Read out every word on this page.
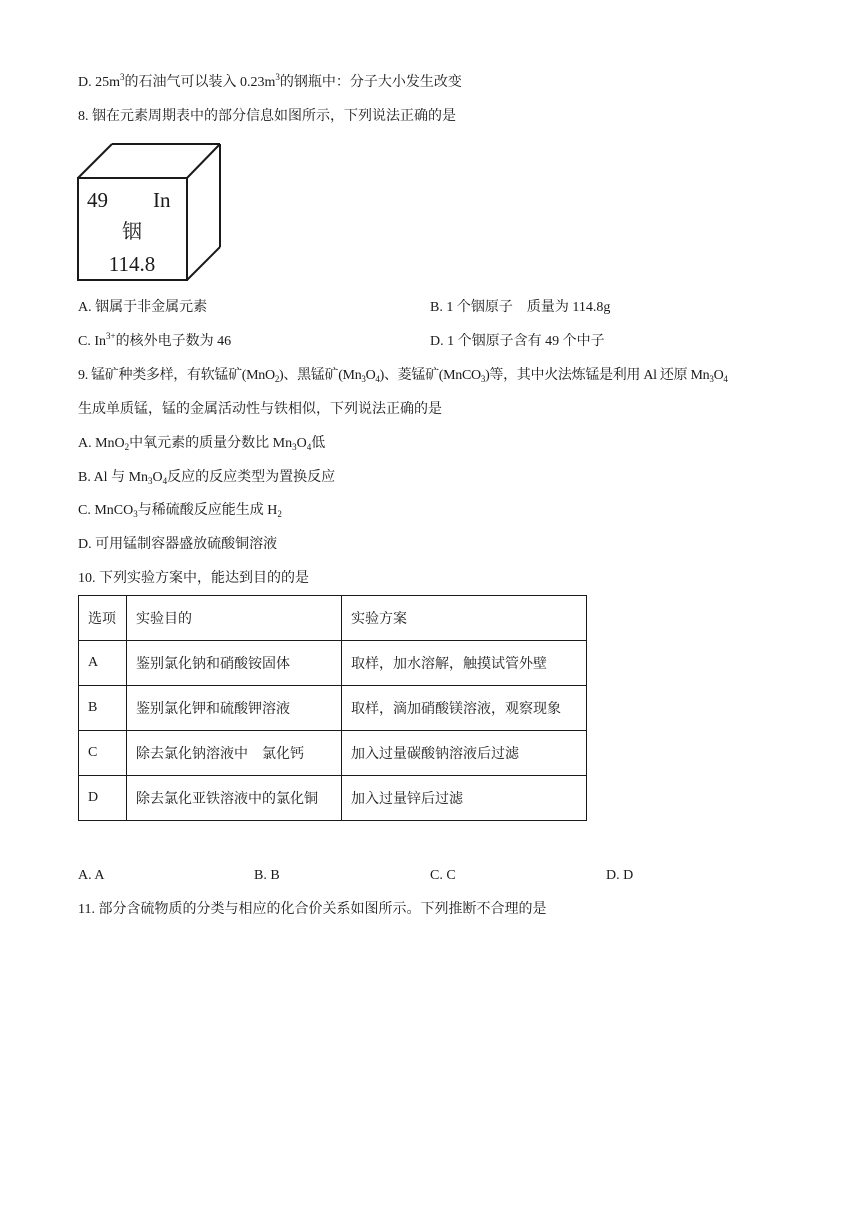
D. $25m^3$的石油气可以装入 $0.23m^3$的钢瓶中：分子大小发生改变
8. 铟在元素周期表中的部分信息如图所示，下列说法正确的是
49 In
铟
114.8
A. 铟属于非金属元素	B. 1 个铟原子　质量为 114.8g
C. $In^{3+}$的核外电子数为 46	D. 1 个铟原子含有 49 个中子
9. 锰矿种类多样，有软锰矿(MnO$_2$)、黑锰矿$(Mn_3O_4)$、菱锰矿(MnCO$_3$)等，其中火法炼锰是利用 Al 还原 $Mn_3O_4$
生成单质锰，锰的金属活动性与铁相似，下列说法正确的是
A. MnO$_2$中氧元素的质量分数比 $Mn_3O_4$低
B. Al 与 $Mn_3O_4$反应的反应类型为置换反应
C. MnCO$_3$与稀硫酸反应能生成 $H_2$
D. 可用锰制容器盛放硫酸铜溶液
10. 下列实验方案中，能达到目的的是
选项	实验目的	实验方案
A	鉴别氯化钠和硝酸铵固体	取样，加水溶解，触摸试管外壁
B	鉴别氯化钾和硫酸钾溶液	取样，滴加硝酸镁溶液，观察现象
C	除去氯化钠溶液中　氯化钙	加入过量碳酸钠溶液后过滤
D	除去氯化亚铁溶液中的氯化铜	加入过量锌后过滤
A. A	B. B	C. C	D. D
11. 部分含硫物质的分类与相应的化合价关系如图所示。下列推断不合理的是
